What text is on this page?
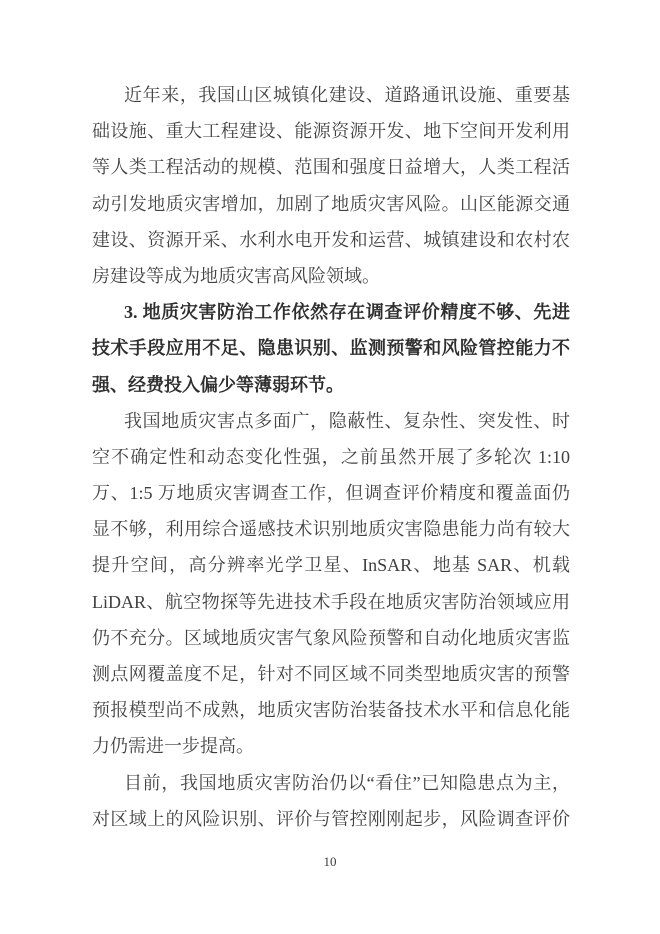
近年来，我国山区城镇化建设、道路通讯设施、重要基
础设施、重大工程建设、能源资源开发、地下空间开发利用
等人类工程活动的规模、范围和强度日益增大，人类工程活
动引发地质灾害增加，加剧了地质灾害风险。山区能源交通
建设、资源开采、水利水电开发和运营、城镇建设和农村农
房建设等成为地质灾害高风险领域。
3. 地质灾害防治工作依然存在调查评价精度不够、先进
技术手段应用不足、隐患识别、监测预警和风险管控能力不
强、经费投入偏少等薄弱环节。
我国地质灾害点多面广，隐蔽性、复杂性、突发性、时
空不确定性和动态变化性强，之前虽然开展了多轮次 1:10
万、1:5 万地质灾害调查工作，但调查评价精度和覆盖面仍
显不够，利用综合遥感技术识别地质灾害隐患能力尚有较大
提升空间，高分辨率光学卫星、InSAR、地基 SAR、机载
LiDAR、航空物探等先进技术手段在地质灾害防治领域应用
仍不充分。区域地质灾害气象风险预警和自动化地质灾害监
测点网覆盖度不足，针对不同区域不同类型地质灾害的预警
预报模型尚不成熟，地质灾害防治装备技术水平和信息化能
力仍需进一步提高。
目前，我国地质灾害防治仍以“看住”已知隐患点为主，
对区域上的风险识别、评价与管控刚刚起步，风险调查评价
10
